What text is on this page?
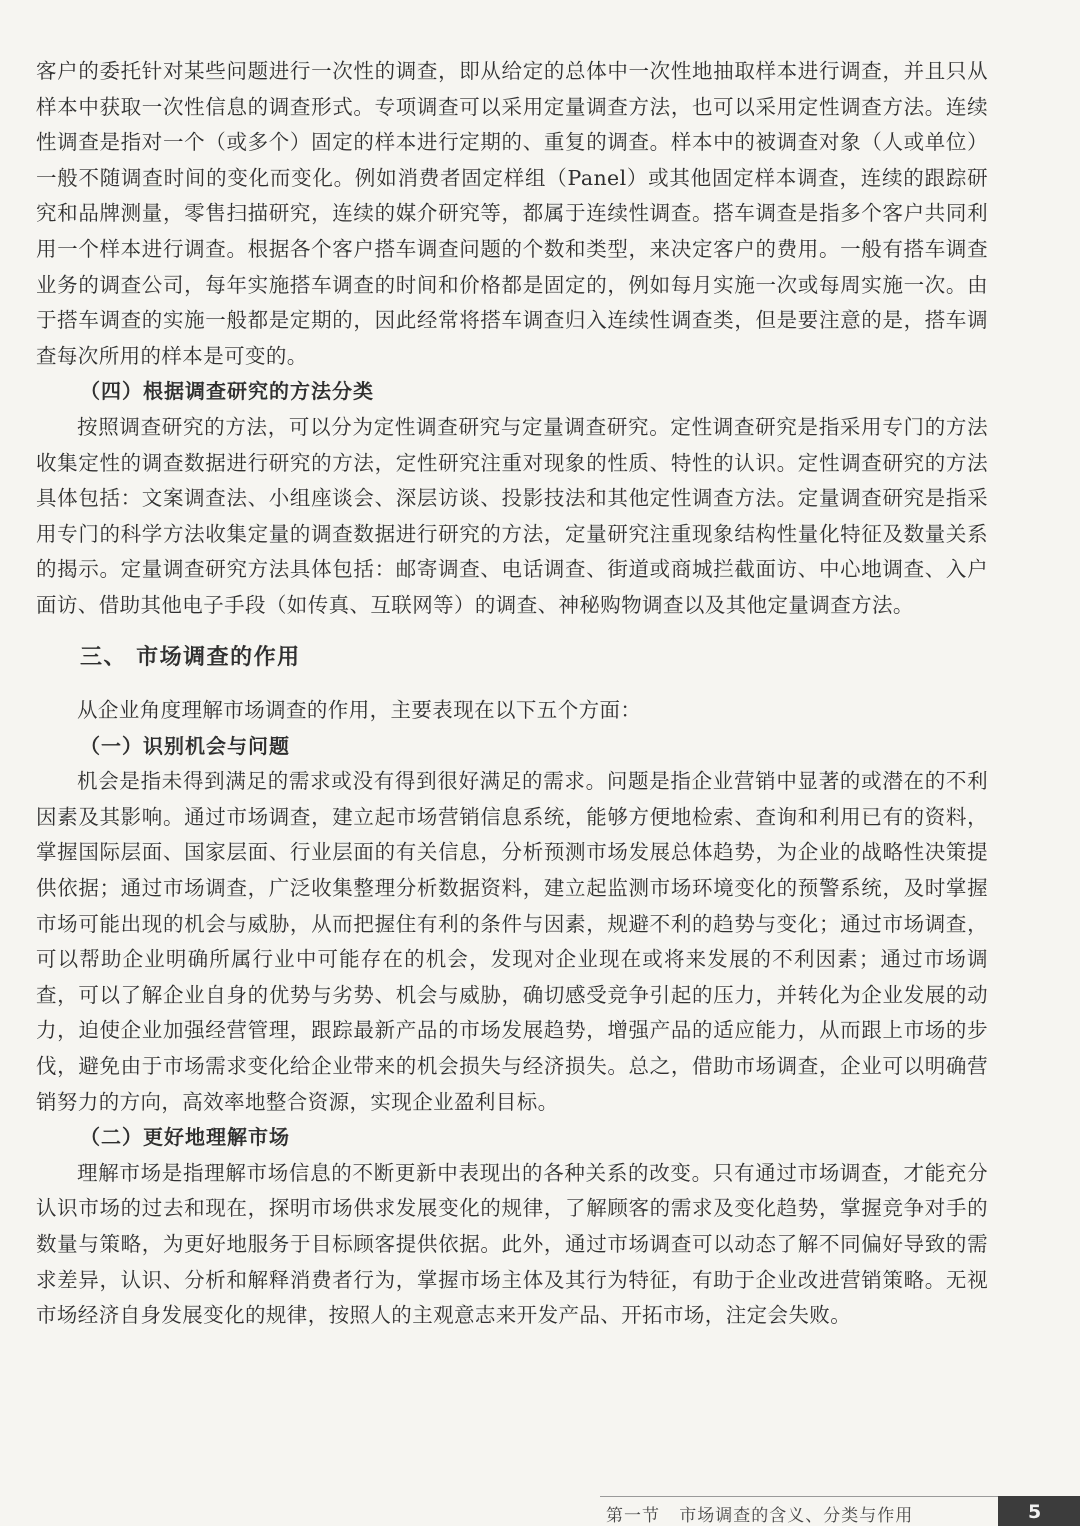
客户的委托针对某些问题进行一次性的调查，即从给定的总体中一次性地抽取样本进行调查，并且只从样本中获取一次性信息的调查形式。专项调查可以采用定量调查方法，也可以采用定性调查方法。连续性调查是指对一个（或多个）固定的样本进行定期的、重复的调查。样本中的被调查对象（人或单位）一般不随调查时间的变化而变化。例如消费者固定样组（Panel）或其他固定样本调查，连续的跟踪研究和品牌测量，零售扫描研究，连续的媒介研究等，都属于连续性调查。搭车调查是指多个客户共同利用一个样本进行调查。根据各个客户搭车调查问题的个数和类型，来决定客户的费用。一般有搭车调查业务的调查公司，每年实施搭车调查的时间和价格都是固定的，例如每月实施一次或每周实施一次。由于搭车调查的实施一般都是定期的，因此经常将搭车调查归入连续性调查类，但是要注意的是，搭车调查每次所用的样本是可变的。

（四）根据调查研究的方法分类

按照调查研究的方法，可以分为定性调查研究与定量调查研究。定性调查研究是指采用专门的方法收集定性的调查数据进行研究的方法，定性研究注重对现象的性质、特性的认识。定性调查研究的方法具体包括：文案调查法、小组座谈会、深层访谈、投影技法和其他定性调查方法。定量调查研究是指采用专门的科学方法收集定量的调查数据进行研究的方法，定量研究注重现象结构性量化特征及数量关系的揭示。定量调查研究方法具体包括：邮寄调查、电话调查、街道或商城拦截面访、中心地调查、入户面访、借助其他电子手段（如传真、互联网等）的调查、神秘购物调查以及其他定量调查方法。

三、 市场调查的作用

从企业角度理解市场调查的作用，主要表现在以下五个方面：

（一）识别机会与问题

机会是指未得到满足的需求或没有得到很好满足的需求。问题是指企业营销中显著的或潜在的不利因素及其影响。通过市场调查，建立起市场营销信息系统，能够方便地检索、查询和利用已有的资料，掌握国际层面、国家层面、行业层面的有关信息，分析预测市场发展总体趋势，为企业的战略性决策提供依据；通过市场调查，广泛收集整理分析数据资料，建立起监测市场环境变化的预警系统，及时掌握市场可能出现的机会与威胁，从而把握住有利的条件与因素，规避不利的趋势与变化；通过市场调查，可以帮助企业明确所属行业中可能存在的机会，发现对企业现在或将来发展的不利因素；通过市场调查，可以了解企业自身的优势与劣势、机会与威胁，确切感受竞争引起的压力，并转化为企业发展的动力，迫使企业加强经营管理，跟踪最新产品的市场发展趋势，增强产品的适应能力，从而跟上市场的步伐，避免由于市场需求变化给企业带来的机会损失与经济损失。总之，借助市场调查，企业可以明确营销努力的方向，高效率地整合资源，实现企业盈利目标。

（二）更好地理解市场

理解市场是指理解市场信息的不断更新中表现出的各种关系的改变。只有通过市场调查，才能充分认识市场的过去和现在，探明市场供求发展变化的规律，了解顾客的需求及变化趋势，掌握竞争对手的数量与策略，为更好地服务于目标顾客提供依据。此外，通过市场调查可以动态了解不同偏好导致的需求差异，认识、分析和解释消费者行为，掌握市场主体及其行为特征，有助于企业改进营销策略。无视市场经济自身发展变化的规律，按照人的主观意志来开发产品、开拓市场，注定会失败。

第一节   市场调查的含义、分类与作用	5
